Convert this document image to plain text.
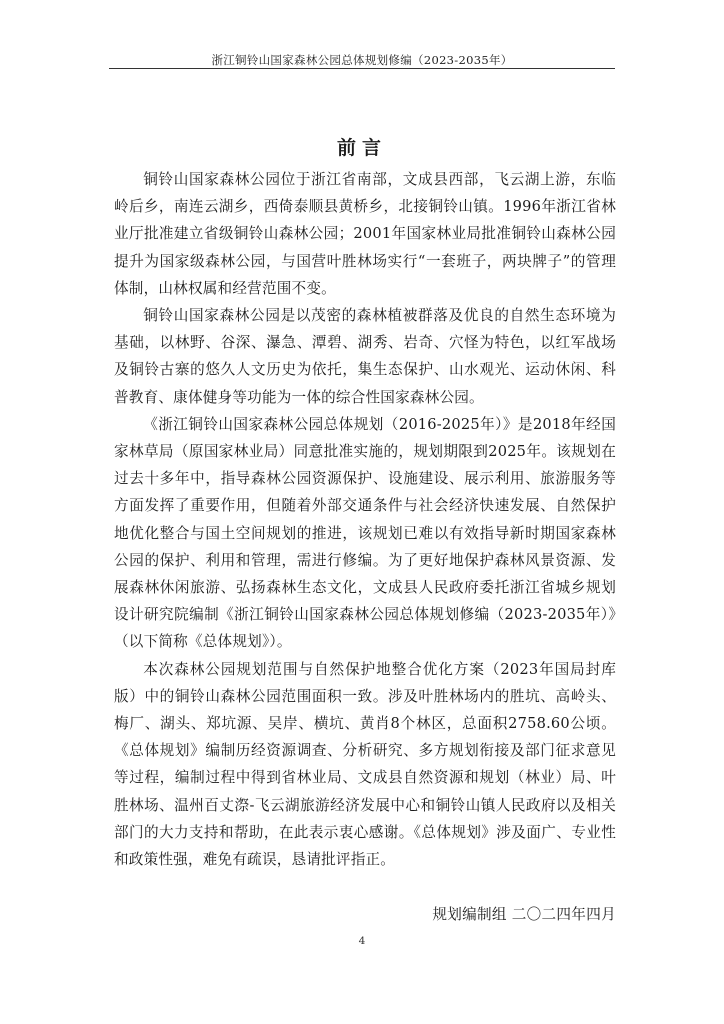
浙江铜铃山国家森林公园总体规划修编（2023-2035年）
前言

铜铃山国家森林公园位于浙江省南部，文成县西部，飞云湖上游，东临岭后乡，南连云湖乡，西倚泰顺县黄桥乡，北接铜铃山镇。1996年浙江省林业厅批准建立省级铜铃山森林公园；2001年国家林业局批准铜铃山森林公园提升为国家级森林公园，与国营叶胜林场实行“一套班子，两块牌子”的管理体制，山林权属和经营范围不变。

铜铃山国家森林公园是以茂密的森林植被群落及优良的自然生态环境为基础，以林野、谷深、瀑急、潭碧、湖秀、岩奇、穴怪为特色，以红军战场及铜铃古寨的悠久人文历史为依托，集生态保护、山水观光、运动休闲、科普教育、康体健身等功能为一体的综合性国家森林公园。

《浙江铜铃山国家森林公园总体规划（2016-2025年）》是2018年经国家林草局（原国家林业局）同意批准实施的，规划期限到2025年。该规划在过去十多年中，指导森林公园资源保护、设施建设、展示利用、旅游服务等方面发挥了重要作用，但随着外部交通条件与社会经济快速发展、自然保护地优化整合与国土空间规划的推进，该规划已难以有效指导新时期国家森林公园的保护、利用和管理，需进行修编。为了更好地保护森林风景资源、发展森林休闲旅游、弘扬森林生态文化，文成县人民政府委托浙江省城乡规划设计研究院编制《浙江铜铃山国家森林公园总体规划修编（2023-2035年）》（以下简称《总体规划》）。

本次森林公园规划范围与自然保护地整合优化方案（2023年国局封库版）中的铜铃山森林公园范围面积一致。涉及叶胜林场内的胜坑、高岭头、梅厂、湖头、郑坑源、吴岸、横坑、黄肖8个林区，总面积2758.60公顷。《总体规划》编制历经资源调查、分析研究、多方规划衔接及部门征求意见等过程，编制过程中得到省林业局、文成县自然资源和规划（林业）局、叶胜林场、温州百丈漈-飞云湖旅游经济发展中心和铜铃山镇人民政府以及相关部门的大力支持和帮助，在此表示衷心感谢。《总体规划》涉及面广、专业性和政策性强，难免有疏误，恳请批评指正。

规划编制组 二〇二四年四月
4
